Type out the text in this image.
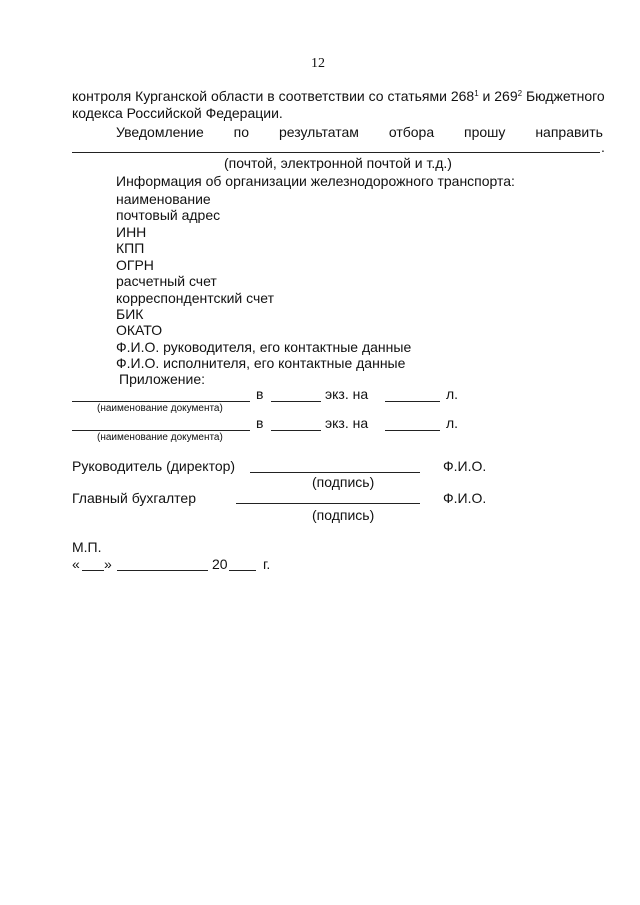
12
контроля Курганской области в соответствии со статьями $268^1$ и $269^2$ Бюджетного
кодекса Российской Федерации.
Уведомление по результатам отбора прошу направить
.
(почтой, электронной почтой и т.д.)
Информация об организации железнодорожного транспорта:
наименование
почтовый адрес
ИНН
КПП
ОГРН
расчетный счет
корреспондентский счет
БИК
ОКАТО
Ф.И.О. руководителя, его контактные данные
Ф.И.О. исполнителя, его контактные данные
Приложение:
в	экз. на	л.
(наименование документа)
в	экз. на	л.
(наименование документа)
Руководитель (директор)	Ф.И.О.
(подпись)
Главный бухгалтер	Ф.И.О.
(подпись)
М.П.
« »	20	г.
